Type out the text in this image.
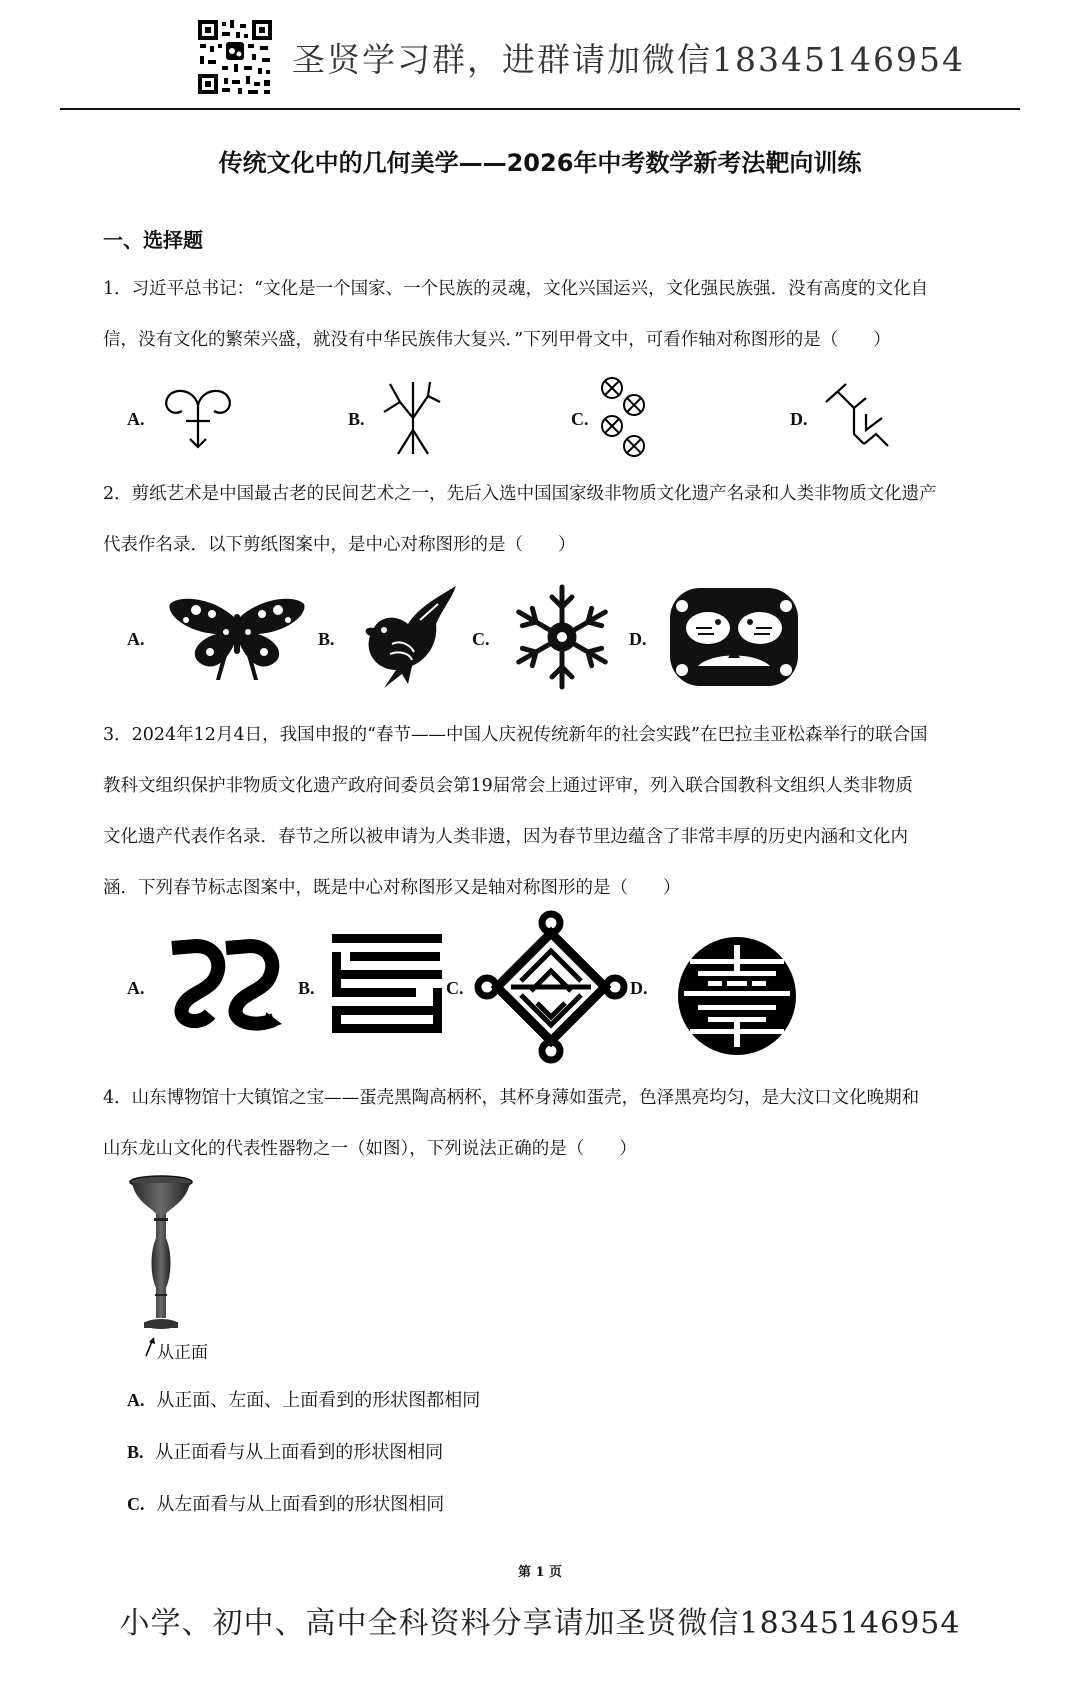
圣贤学习群，进群请加微信18345146954
传统文化中的几何美学——2026年中考数学新考法靶向训练
一、选择题
1．习近平总书记：“文化是一个国家、一个民族的灵魂，文化兴国运兴，文化强民族强．没有高度的文化自
信，没有文化的繁荣兴盛，就没有中华民族伟大复兴．”下列甲骨文中，可看作轴对称图形的是（　　）
A.	B.	C.	D.
2．剪纸艺术是中国最古老的民间艺术之一，先后入选中国国家级非物质文化遗产名录和人类非物质文化遗产
代表作名录．以下剪纸图案中，是中心对称图形的是（　　）
A.	B.	C.	D.
3．2024年12月4日，我国申报的“春节——中国人庆祝传统新年的社会实践”在巴拉圭亚松森举行的联合国
教科文组织保护非物质文化遗产政府间委员会第19届常会上通过评审，列入联合国教科文组织人类非物质
文化遗产代表作名录．春节之所以被申请为人类非遗，因为春节里边蕴含了非常丰厚的历史内涵和文化内
涵．下列春节标志图案中，既是中心对称图形又是轴对称图形的是（　　）
A.	B.	C.	D.
4．山东博物馆十大镇馆之宝——蛋壳黑陶高柄杯，其杯身薄如蛋壳，色泽黑亮均匀，是大汶口文化晚期和
山东龙山文化的代表性器物之一（如图），下列说法正确的是（　　）
从正面
A. 从正面、左面、上面看到的形状图都相同
B. 从正面看与从上面看到的形状图相同
C. 从左面看与从上面看到的形状图相同
第 1 页
小学、初中、高中全科资料分享请加圣贤微信18345146954
